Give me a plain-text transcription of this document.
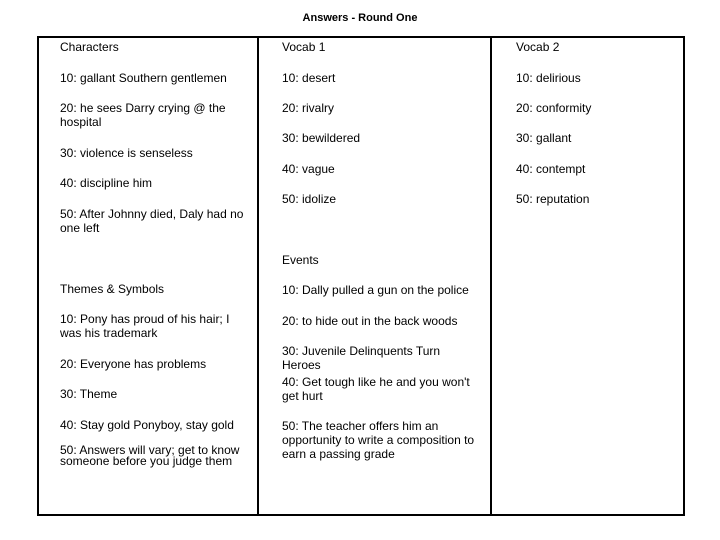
Answers - Round One

Characters

10: gallant Southern gentlemen

20: he sees Darry crying @ the hospital

30: violence is senseless

40: discipline him

50: After Johnny died, Daly had no one left

Vocab 1

10: desert

20: rivalry

30: bewildered

40: vague

50: idolize

Vocab 2

10: delirious

20: conformity

30: gallant

40: contempt

50: reputation

Events

10: Dally pulled a gun on the police

20: to hide out in the back woods

30: Juvenile Delinquents Turn Heroes

40: Get tough like he and you won't get hurt

50: The teacher offers him an opportunity to write a composition to earn a passing grade

Themes & Symbols

10: Pony has proud of his hair; I was his trademark

20: Everyone has problems

30: Theme

40: Stay gold Ponyboy, stay gold

50: Answers will vary; get to know someone before you judge them
